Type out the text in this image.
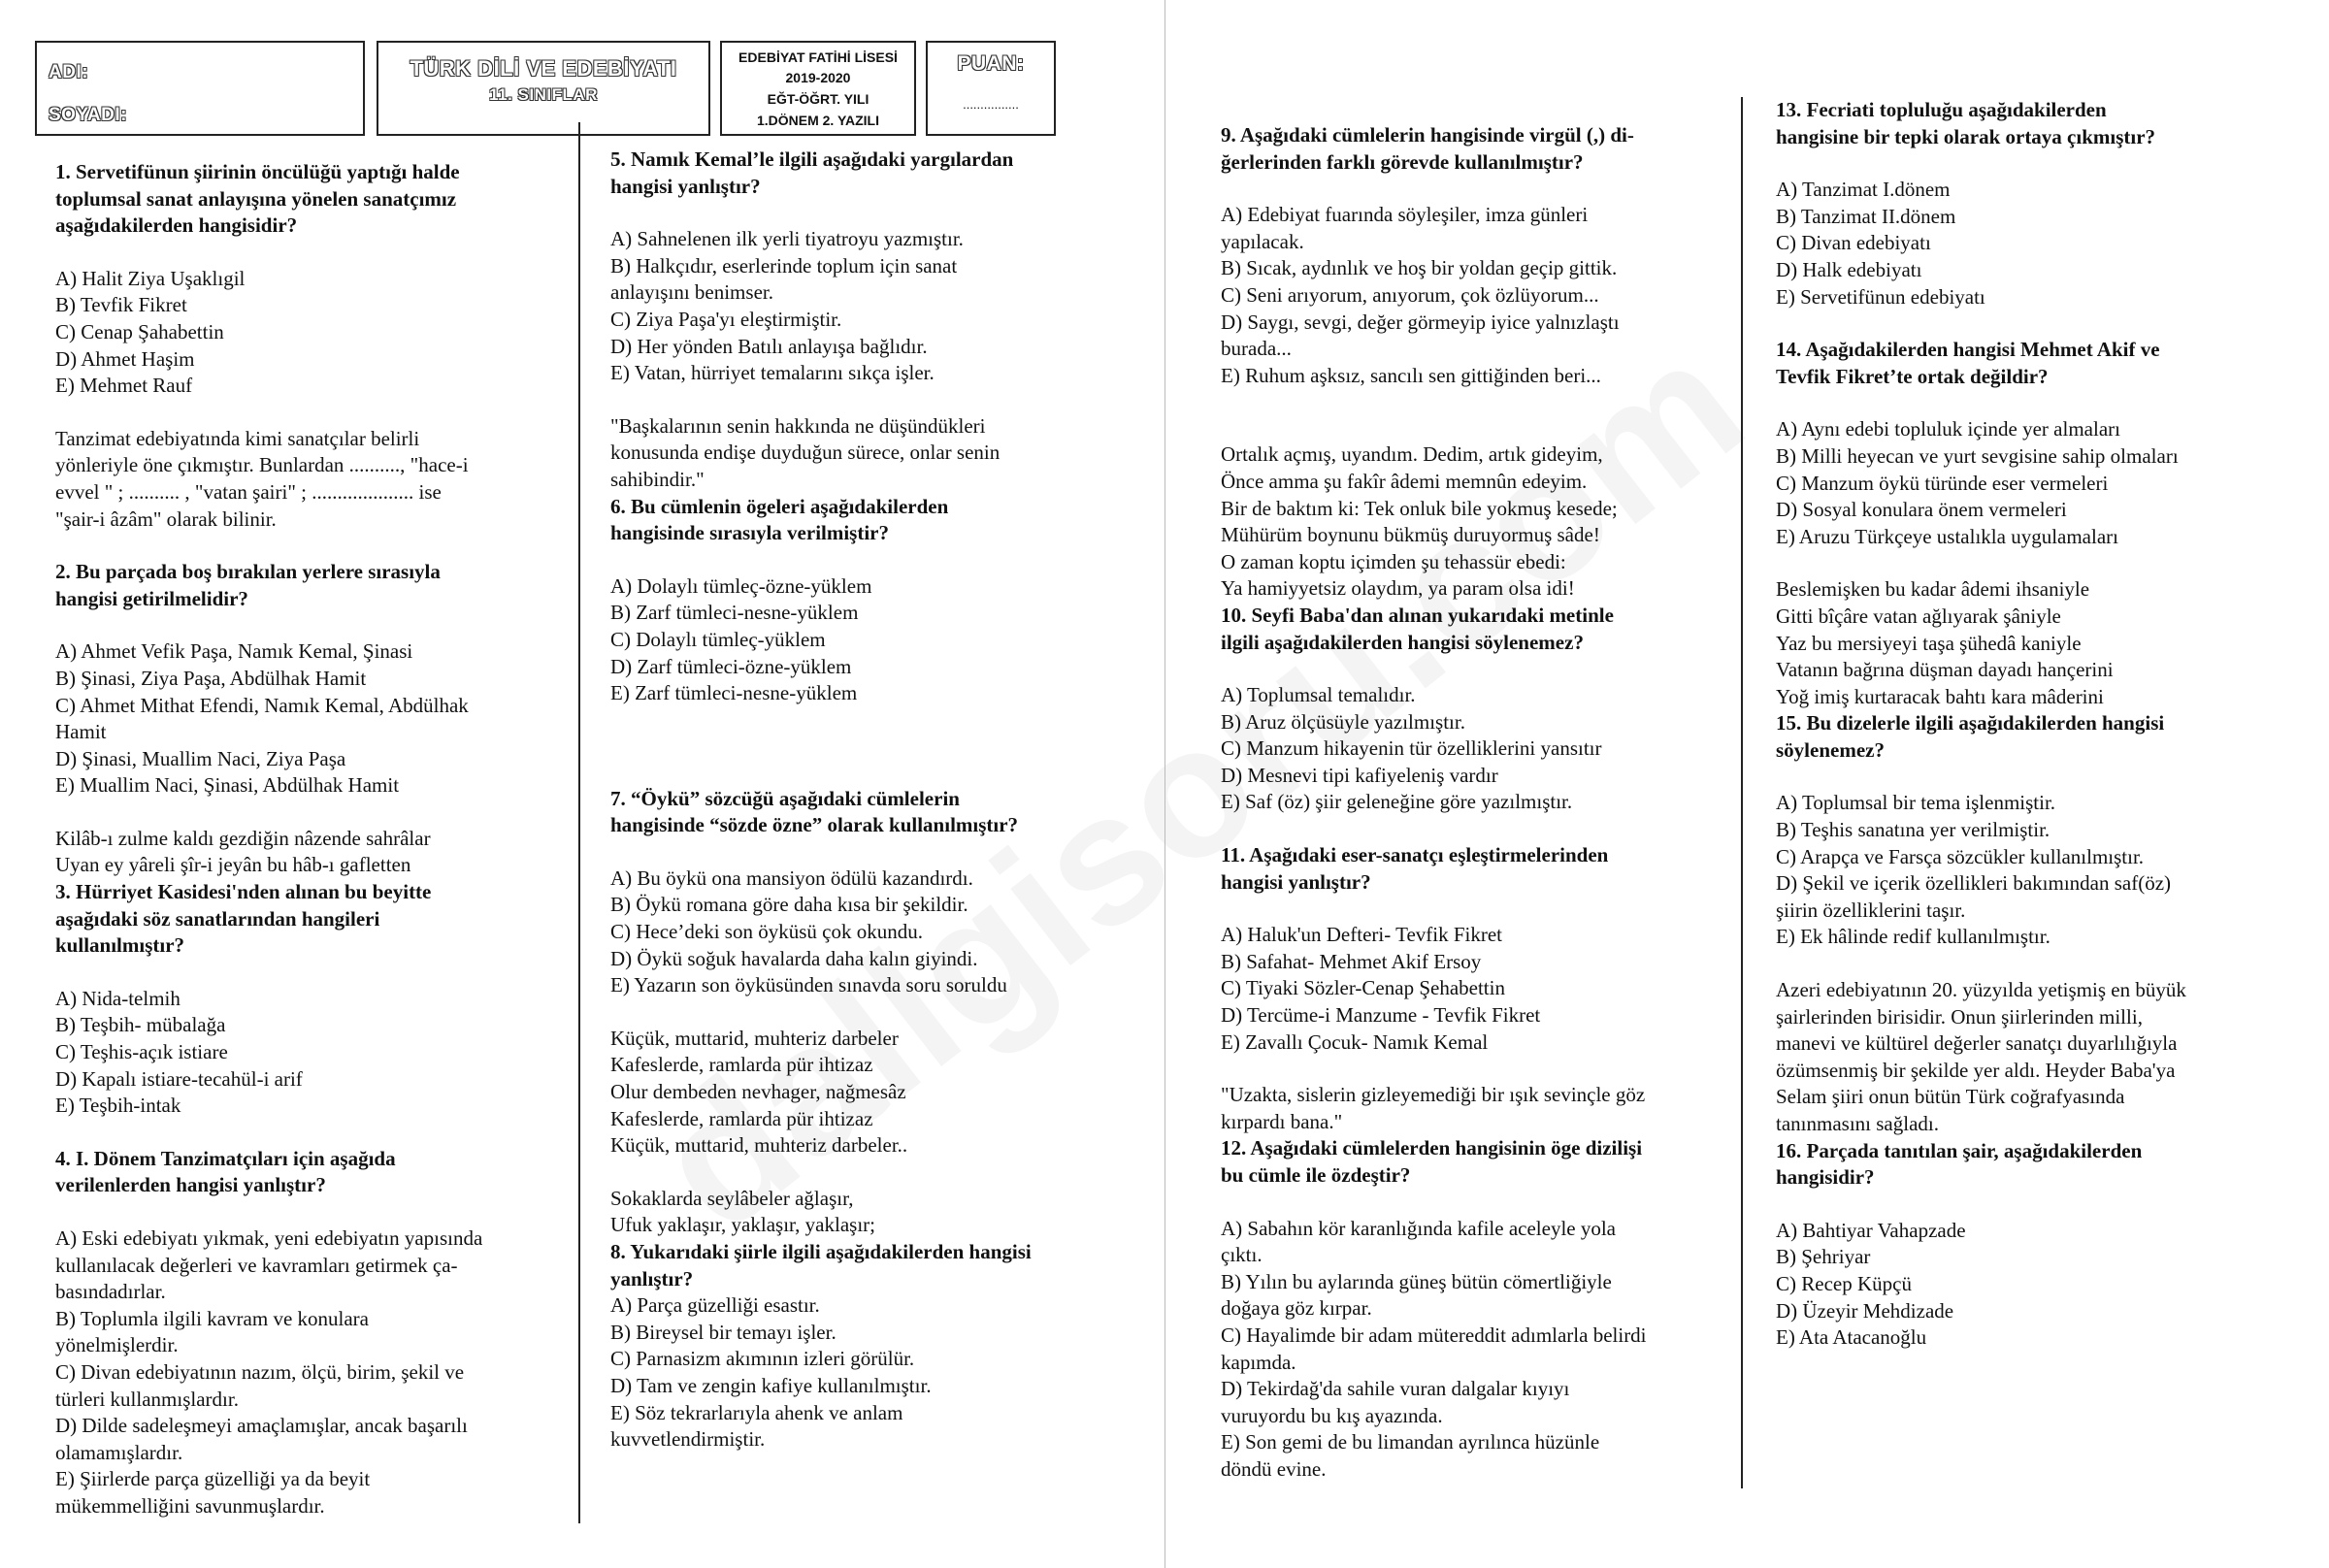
ADI:
SOYADI:
TÜRK DİLİ VE EDEBİYATI
11. SINIFLAR
EDEBİYAT FATİHİ LİSESİ
2019-2020
EĞT-ÖĞRT. YILI
1.DÖNEM 2. YAZILI
PUAN:
................
1. Servetifünun şiirinin öncülüğü yaptığı halde
toplumsal sanat anlayışına yönelen sanatçımız
aşağıdakilerden hangisidir?
A) Halit Ziya Uşaklıgil
B) Tevfik Fikret
C) Cenap Şahabettin
D) Ahmet Haşim
E) Mehmet Rauf
Tanzimat edebiyatında kimi sanatçılar belirli
yönleriyle öne çıkmıştır. Bunlardan .........., "hace-i
evvel " ; .......... , "vatan şairi" ; .................... ise
"şair-i âzâm" olarak bilinir.
2. Bu parçada boş bırakılan yerlere sırasıyla
hangisi getirilmelidir?
A) Ahmet Vefik Paşa, Namık Kemal, Şinasi
B) Şinasi, Ziya Paşa, Abdülhak Hamit
C) Ahmet Mithat Efendi, Namık Kemal, Abdülhak
Hamit
D) Şinasi, Muallim Naci, Ziya Paşa
E) Muallim Naci, Şinasi, Abdülhak Hamit
Kilâb-ı zulme kaldı gezdiğin nâzende sahrâlar
Uyan ey yâreli şîr-i jeyân bu hâb-ı gafletten
3. Hürriyet Kasidesi'nden alınan bu beyitte
aşağıdaki söz sanatlarından hangileri
kullanılmıştır?
A) Nida-telmih
B) Teşbih- mübalağa
C) Teşhis-açık istiare
D) Kapalı istiare-tecahül-i arif
E) Teşbih-intak
4. I. Dönem Tanzimatçıları için aşağıda
verilenlerden hangisi yanlıştır?
A) Eski edebiyatı yıkmak, yeni edebiyatın yapısında
kullanılacak değerleri ve kavramları getirmek ça-
basındadırlar.
B) Toplumla ilgili kavram ve konulara
yönelmişlerdir.
C) Divan edebiyatının nazım, ölçü, birim, şekil ve
türleri kullanmışlardır.
D) Dilde sadeleşmeyi amaçlamışlar, ancak başarılı
olamamışlardır.
E) Şiirlerde parça güzelliği ya da beyit
mükemmelliğini savunmuşlardır.
5. Namık Kemal’le ilgili aşağıdaki yargılardan
hangisi yanlıştır?
A) Sahnelenen ilk yerli tiyatroyu yazmıştır.
B) Halkçıdır, eserlerinde toplum için sanat
anlayışını benimser.
C) Ziya Paşa'yı eleştirmiştir.
D) Her yönden Batılı anlayışa bağlıdır.
E) Vatan, hürriyet temalarını sıkça işler.
"Başkalarının senin hakkında ne düşündükleri
konusunda endişe duyduğun sürece, onlar senin
sahibindir."
6. Bu cümlenin ögeleri aşağıdakilerden
hangisinde sırasıyla verilmiştir?
A) Dolaylı tümleç-özne-yüklem
B) Zarf tümleci-nesne-yüklem
C) Dolaylı tümleç-yüklem
D) Zarf tümleci-özne-yüklem
E) Zarf tümleci-nesne-yüklem
7. “Öykü” sözcüğü aşağıdaki cümlelerin
hangisinde “sözde özne” olarak kullanılmıştır?
A) Bu öykü ona mansiyon ödülü kazandırdı.
B) Öykü romana göre daha kısa bir şekildir.
C) Hece’deki son öyküsü çok okundu.
D) Öykü soğuk havalarda daha kalın giyindi.
E) Yazarın son öyküsünden sınavda soru soruldu
Küçük, muttarid, muhteriz darbeler
Kafeslerde, ramlarda pür ihtizaz
Olur dembeden nevhager, nağmesâz
Kafeslerde, ramlarda pür ihtizaz
Küçük, muttarid, muhteriz darbeler..
Sokaklarda seylâbeler ağlaşır,
Ufuk yaklaşır, yaklaşır, yaklaşır;
8. Yukarıdaki şiirle ilgili aşağıdakilerden hangisi
yanlıştır?
A) Parça güzelliği esastır.
B) Bireysel bir temayı işler.
C) Parnasizm akımının izleri görülür.
D) Tam ve zengin kafiye kullanılmıştır.
E) Söz tekrarlarıyla ahenk ve anlam
kuvvetlendirmiştir.
9. Aşağıdaki cümlelerin hangisinde virgül (,) di-
ğerlerinden farklı görevde kullanılmıştır?
A) Edebiyat fuarında söyleşiler, imza günleri
yapılacak.
B) Sıcak, aydınlık ve hoş bir yoldan geçip gittik.
C) Seni arıyorum, anıyorum, çok özlüyorum...
D) Saygı, sevgi, değer görmeyip iyice yalnızlaştı
burada...
E) Ruhum aşksız, sancılı sen gittiğinden beri...
Ortalık açmış, uyandım. Dedim, artık gideyim,
Önce amma şu fakîr âdemi memnûn edeyim.
Bir de baktım ki: Tek onluk bile yokmuş kesede;
Mühürüm boynunu bükmüş duruyormuş sâde!
O zaman koptu içimden şu tehassür ebedi:
Ya hamiyyetsiz olaydım, ya param olsa idi!
10. Seyfi Baba'dan alınan yukarıdaki metinle
ilgili aşağıdakilerden hangisi söylenemez?
A) Toplumsal temalıdır.
B) Aruz ölçüsüyle yazılmıştır.
C) Manzum hikayenin tür özelliklerini yansıtır
D) Mesnevi tipi kafiyeleniş vardır
E) Saf (öz) şiir geleneğine göre yazılmıştır.
11. Aşağıdaki eser-sanatçı eşleştirmelerinden
hangisi yanlıştır?
A) Haluk'un Defteri- Tevfik Fikret
B) Safahat- Mehmet Akif Ersoy
C) Tiyaki Sözler-Cenap Şehabettin
D) Tercüme-i Manzume - Tevfik Fikret
E) Zavallı Çocuk- Namık Kemal
"Uzakta, sislerin gizleyemediği bir ışık sevinçle göz
kırpardı bana."
12. Aşağıdaki cümlelerden hangisinin öge dizilişi
bu cümle ile özdeştir?
A) Sabahın kör karanlığında kafile aceleyle yola
çıktı.
B) Yılın bu aylarında güneş bütün cömertliğiyle
doğaya göz kırpar.
C) Hayalimde bir adam mütereddit adımlarla belirdi
kapımda.
D) Tekirdağ'da sahile vuran dalgalar kıyıyı
vuruyordu bu kış ayazında.
E) Son gemi de bu limandan ayrılınca hüzünle
döndü evine.
13. Fecriati topluluğu aşağıdakilerden
hangisine bir tepki olarak ortaya çıkmıştır?
A) Tanzimat I.dönem
B) Tanzimat II.dönem
C) Divan edebiyatı
D) Halk edebiyatı
E) Servetifünun edebiyatı
14. Aşağıdakilerden hangisi Mehmet Akif ve
Tevfik Fikret’te ortak değildir?
A) Aynı edebi topluluk içinde yer almaları
B) Milli heyecan ve yurt sevgisine sahip olmaları
C) Manzum öykü türünde eser vermeleri
D) Sosyal konulara önem vermeleri
E) Aruzu Türkçeye ustalıkla uygulamaları
Beslemişken bu kadar âdemi ihsaniyle
Gitti bîçâre vatan ağlıyarak şâniyle
Yaz bu mersiyeyi taşa şühedâ kaniyle
Vatanın bağrına düşman dayadı hançerini
Yoğ imiş kurtaracak bahtı kara mâderini
15. Bu dizelerle ilgili aşağıdakilerden hangisi
söylenemez?
A) Toplumsal bir tema işlenmiştir.
B) Teşhis sanatına yer verilmiştir.
C) Arapça ve Farsça sözcükler kullanılmıştır.
D) Şekil ve içerik özellikleri bakımından saf(öz)
şiirin özelliklerini taşır.
E) Ek hâlinde redif kullanılmıştır.
Azeri edebiyatının 20. yüzyılda yetişmiş en büyük
şairlerinden birisidir. Onun şiirlerinden milli,
manevi ve kültürel değerler sanatçı duyarlılığıyla
özümsenmiş bir şekilde yer aldı. Heyder Baba'ya
Selam şiiri onun bütün Türk coğrafyasında
tanınmasını sağladı.
16. Parçada tanıtılan şair, aşağıdakilerden
hangisidir?
A) Bahtiyar Vahapzade
B) Şehriyar
C) Recep Küpçü
D) Üzeyir Mehdizade
E) Ata Atacanoğlu
